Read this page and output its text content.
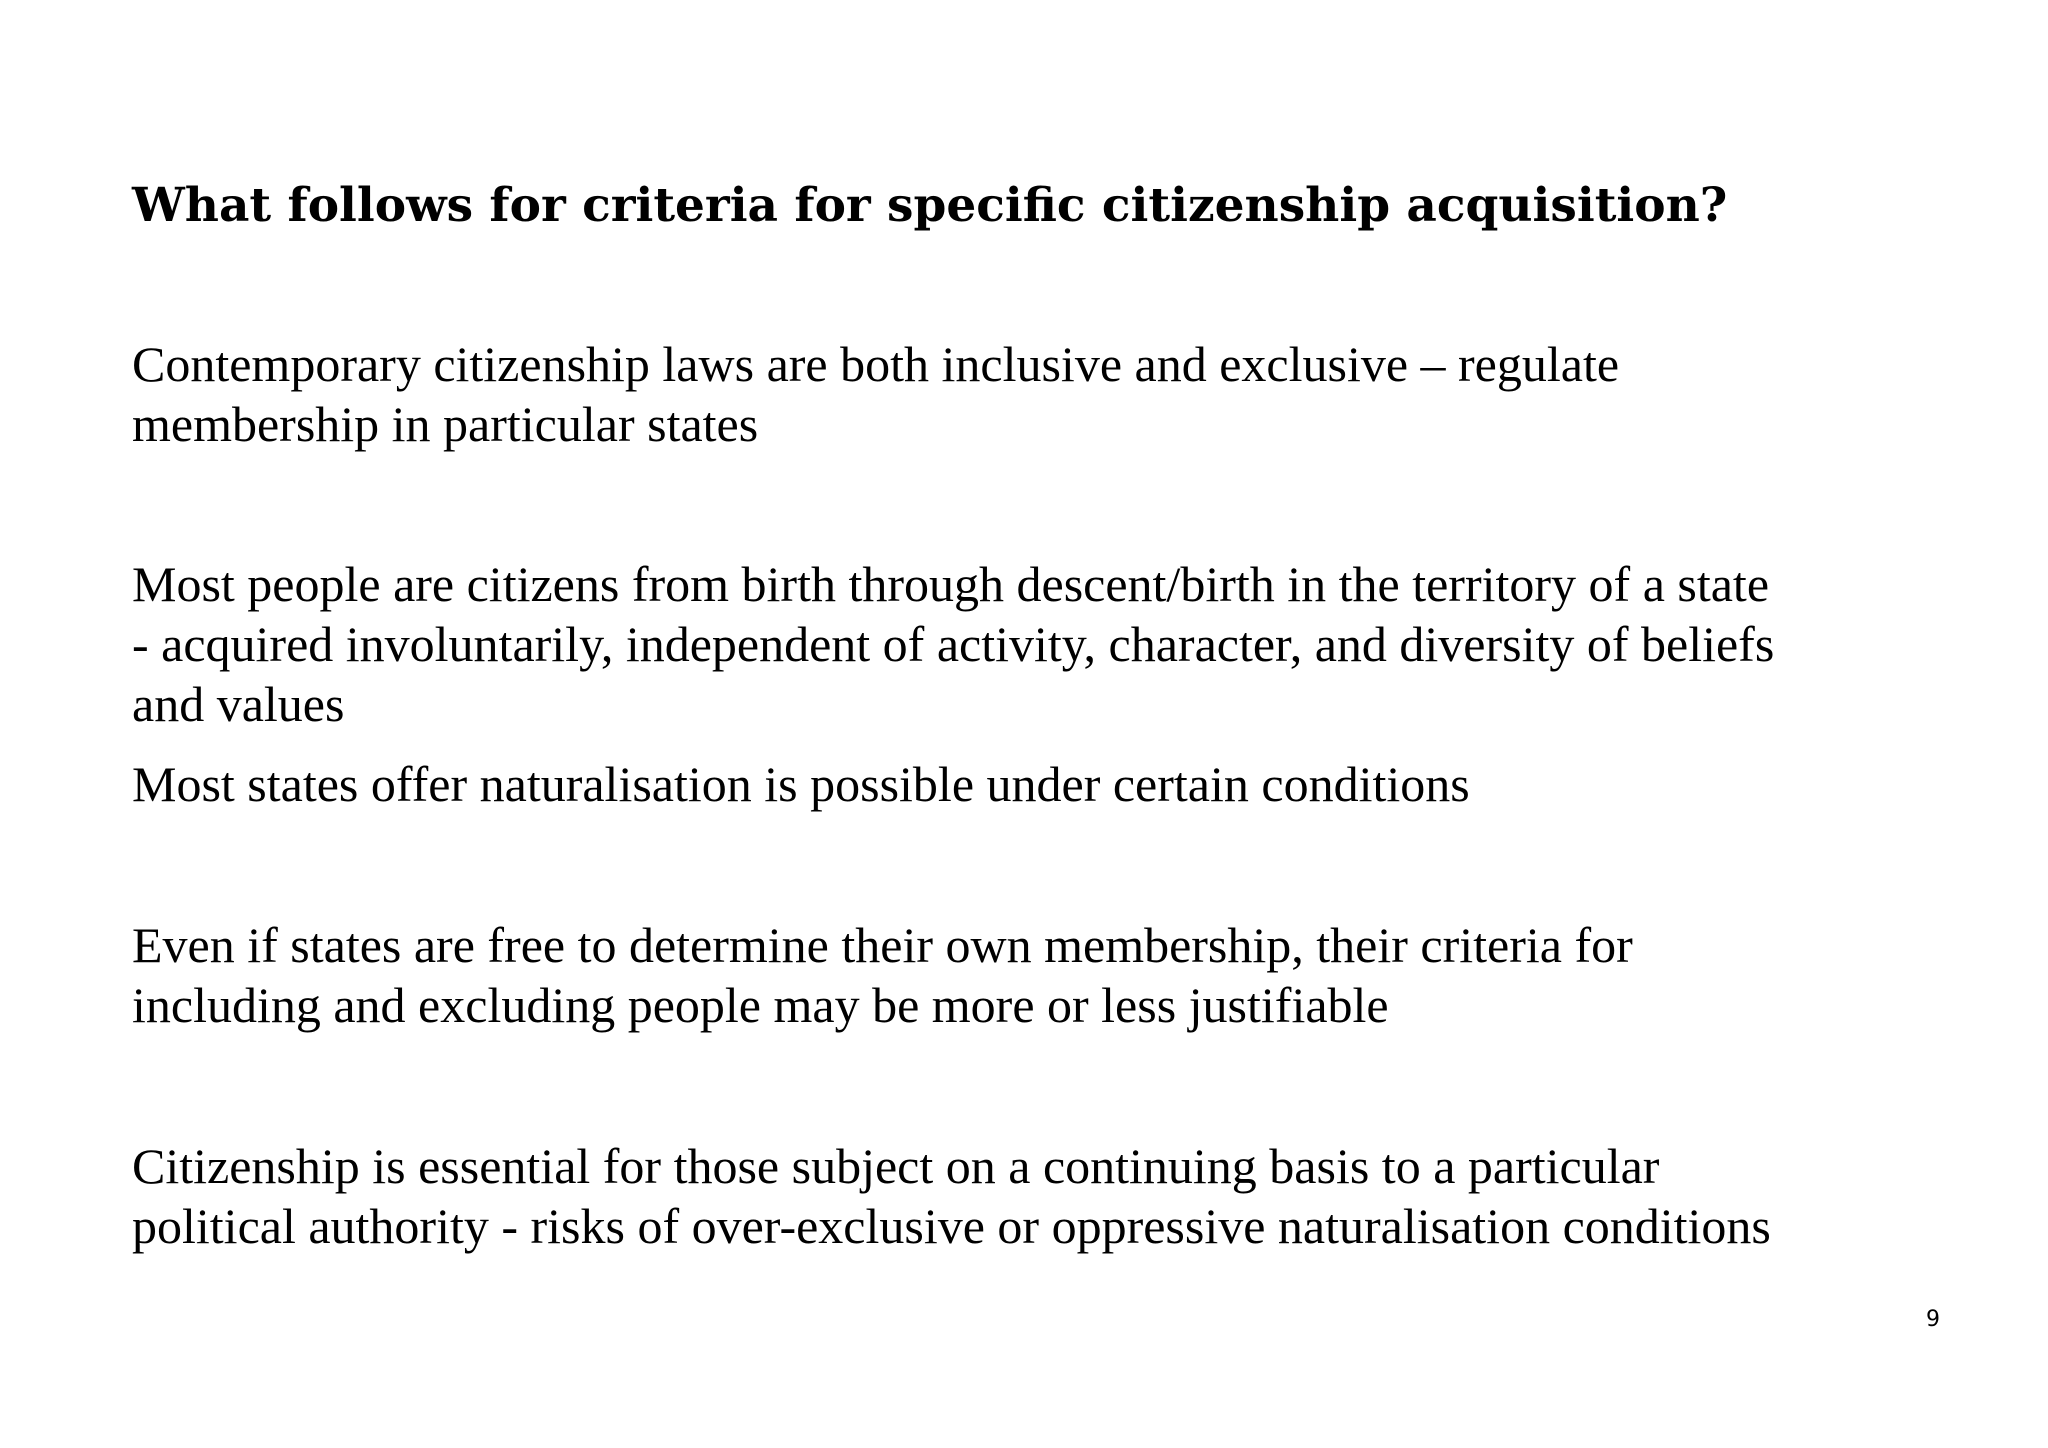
What follows for criteria for specific citizenship acquisition?
Contemporary citizenship laws are both inclusive and exclusive – regulate
membership in particular states
Most people are citizens from birth through descent/birth in the territory of a state
- acquired involuntarily, independent of activity, character, and diversity of beliefs
and values
Most states offer naturalisation is possible under certain conditions
Even if states are free to determine their own membership, their criteria for
including and excluding people may be more or less justifiable
Citizenship is essential for those subject on a continuing basis to a particular
political authority - risks of over-exclusive or oppressive naturalisation conditions
9
